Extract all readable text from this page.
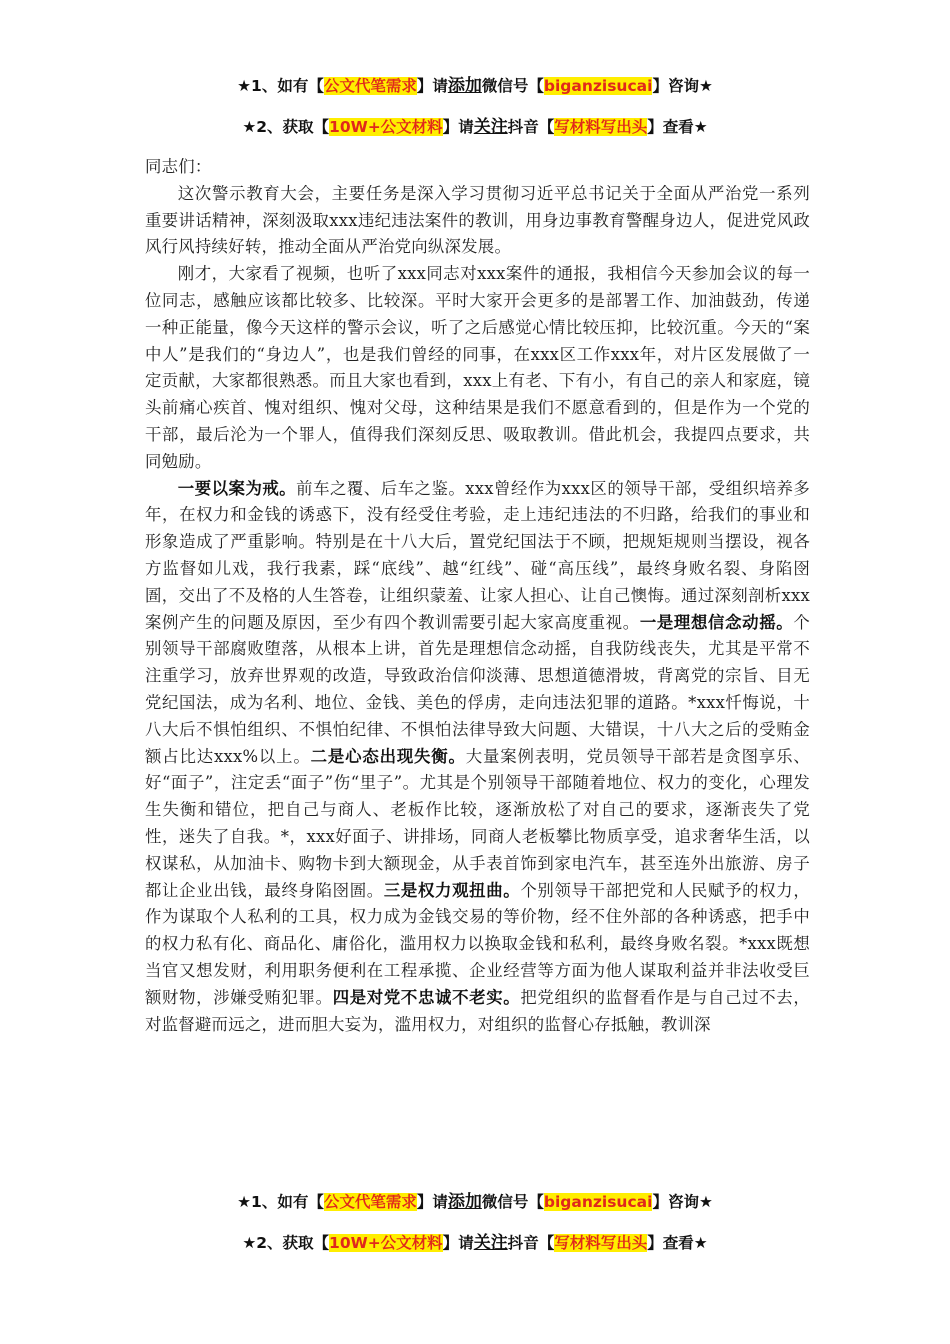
★1、如有【公文代笔需求】请添加微信号【biganzisucai】咨询★
★2、获取【10W+公文材料】请关注抖音【写材料写出头】查看★

同志们：

这次警示教育大会，主要任务是深入学习贯彻习近平总书记关于全面从严治党一系列重要讲话精神，深刻汲取xxx违纪违法案件的教训，用身边事教育警醒身边人，促进党风政风行风持续好转，推动全面从严治党向纵深发展。

刚才，大家看了视频，也听了xxx同志对xxx案件的通报，我相信今天参加会议的每一位同志，感触应该都比较多、比较深。平时大家开会更多的是部署工作、加油鼓劲，传递一种正能量，像今天这样的警示会议，听了之后感觉心情比较压抑，比较沉重。今天的“案中人”是我们的“身边人”，也是我们曾经的同事，在xxx区工作xxx年，对片区发展做了一定贡献，大家都很熟悉。而且大家也看到，xxx上有老、下有小，有自己的亲人和家庭，镜头前痛心疾首、愧对组织、愧对父母，这种结果是我们不愿意看到的，但是作为一个党的干部，最后沦为一个罪人，值得我们深刻反思、吸取教训。借此机会，我提四点要求，共同勉励。

一要以案为戒。前车之覆、后车之鉴。xxx曾经作为xxx区的领导干部，受组织培养多年，在权力和金钱的诱惑下，没有经受住考验，走上违纪违法的不归路，给我们的事业和形象造成了严重影响。特别是在十八大后，置党纪国法于不顾，把规矩规则当摆设，视各方监督如儿戏，我行我素，踩“底线”、越“红线”、碰“高压线”，最终身败名裂、身陷囹圄，交出了不及格的人生答卷，让组织蒙羞、让家人担心、让自己懊悔。通过深刻剖析xxx案例产生的问题及原因，至少有四个教训需要引起大家高度重视。一是理想信念动摇。个别领导干部腐败堕落，从根本上讲，首先是理想信念动摇，自我防线丧失，尤其是平常不注重学习，放弃世界观的改造，导致政治信仰淡薄、思想道德滑坡，背离党的宗旨、目无党纪国法，成为名利、地位、金钱、美色的俘虏，走向违法犯罪的道路。*xxx忏悔说，十八大后不惧怕组织、不惧怕纪律、不惧怕法律导致大问题、大错误，十八大之后的受贿金额占比达xxx%以上。二是心态出现失衡。大量案例表明，党员领导干部若是贪图享乐、好“面子”，注定丢“面子”伤“里子”。尤其是个别领导干部随着地位、权力的变化，心理发生失衡和错位，把自己与商人、老板作比较，逐渐放松了对自己的要求，逐渐丧失了党性，迷失了自我。*，xxx好面子、讲排场，同商人老板攀比物质享受，追求奢华生活，以权谋私，从加油卡、购物卡到大额现金，从手表首饰到家电汽车，甚至连外出旅游、房子都让企业出钱，最终身陷囹圄。三是权力观扭曲。个别领导干部把党和人民赋予的权力，作为谋取个人私利的工具，权力成为金钱交易的等价物，经不住外部的各种诱惑，把手中的权力私有化、商品化、庸俗化，滥用权力以换取金钱和私利，最终身败名裂。*xxx既想当官又想发财，利用职务便利在工程承揽、企业经营等方面为他人谋取利益并非法收受巨额财物，涉嫌受贿犯罪。四是对党不忠诚不老实。把党组织的监督看作是与自己过不去，对监督避而远之，进而胆大妄为，滥用权力，对组织的监督心存抵触，教训深

★1、如有【公文代笔需求】请添加微信号【biganzisucai】咨询★
★2、获取【10W+公文材料】请关注抖音【写材料写出头】查看★
